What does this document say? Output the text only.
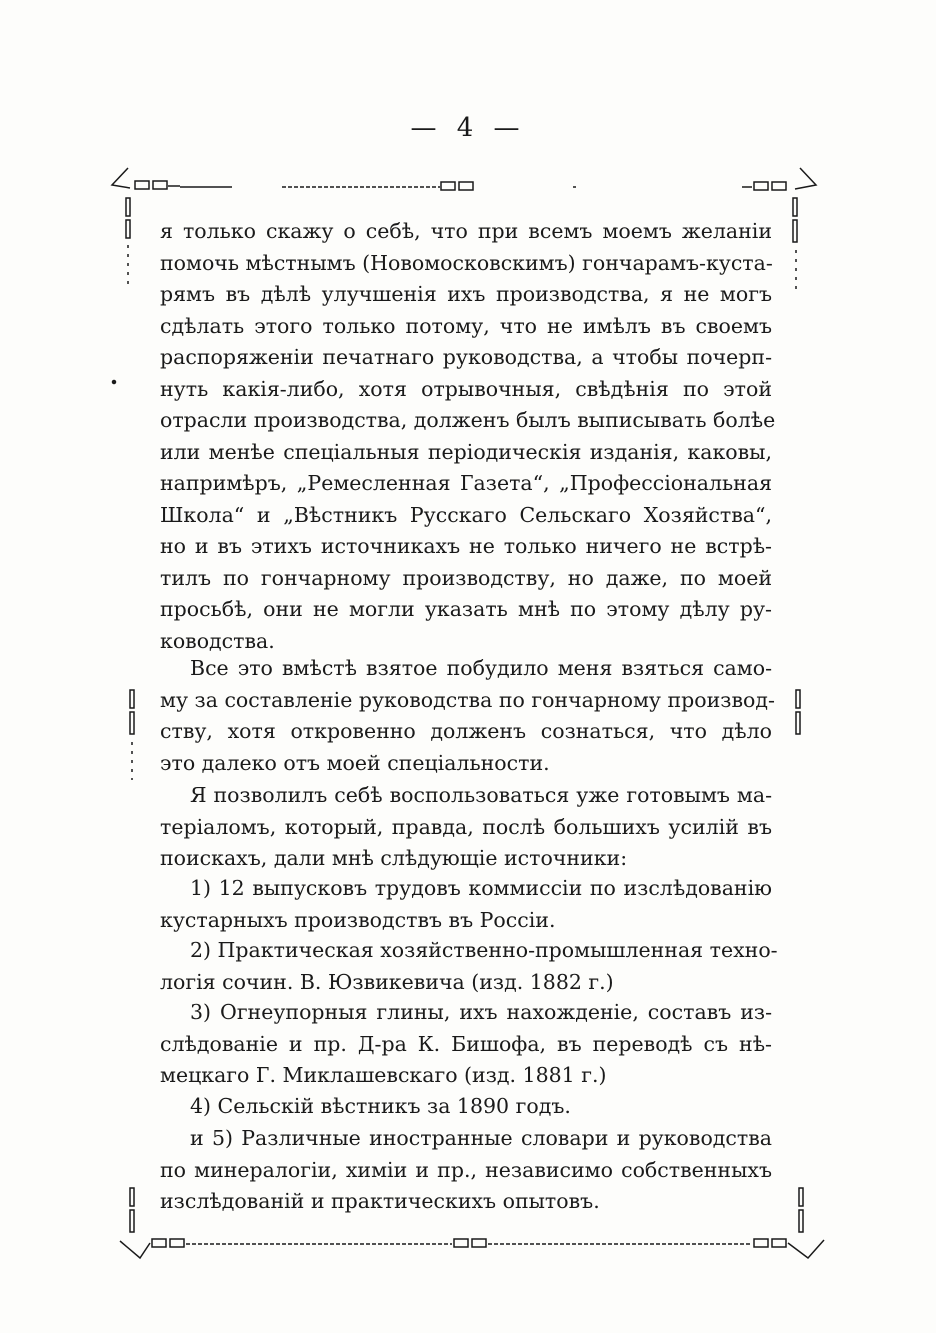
— 4 —
я только скажу о себѣ, что при всемъ моемъ желаніи
помочь мѣстнымъ (Новомосковскимъ) гончарамъ-куста-
рямъ въ дѣлѣ улучшенія ихъ производства, я не могъ
сдѣлать этого только потому, что не имѣлъ въ своемъ
распоряженіи печатнаго руководства, а чтобы почерп-
нуть какія-либо, хотя отрывочныя, свѣдѣнія по этой
отрасли производства, долженъ былъ выписывать болѣе
или менѣе спеціальныя періодическія изданія, каковы,
напримѣръ, „Ремесленная Газета“, „Профессіональная
Школа“ и „Вѣстникъ Русскаго Сельскаго Хозяйства“,
но и въ этихъ источникахъ не только ничего не встрѣ-
тилъ по гончарному производству, но даже, по моей
просьбѣ, они не могли указать мнѣ по этому дѣлу ру-
ководства.
Все это вмѣстѣ взятое побудило меня взяться само-
му за составленіе руководства по гончарному производ-
ству, хотя откровенно долженъ сознаться, что дѣло
это далеко отъ моей спеціальности.
Я позволилъ себѣ воспользоваться уже готовымъ ма-
теріаломъ, который, правда, послѣ большихъ усилій въ
поискахъ, дали мнѣ слѣдующіе источники:
1) 12 выпусковъ трудовъ коммиссіи по изслѣдованію
кустарныхъ производствъ въ Россіи.
2) Практическая хозяйственно-промышленная техно-
логія сочин. В. Юзвикевича (изд. 1882 г.)
3) Огнеупорныя глины, ихъ нахожденіе, составъ из-
слѣдованіе и пр. Д-ра К. Бишофа, въ переводѣ съ нѣ-
мецкаго Г. Миклашевскаго (изд. 1881 г.)
4) Сельскій вѣстникъ за 1890 годъ.
и 5) Различные иностранные словари и руководства
по минералогіи, химіи и пр., независимо собственныхъ
изслѣдованій и практическихъ опытовъ.
